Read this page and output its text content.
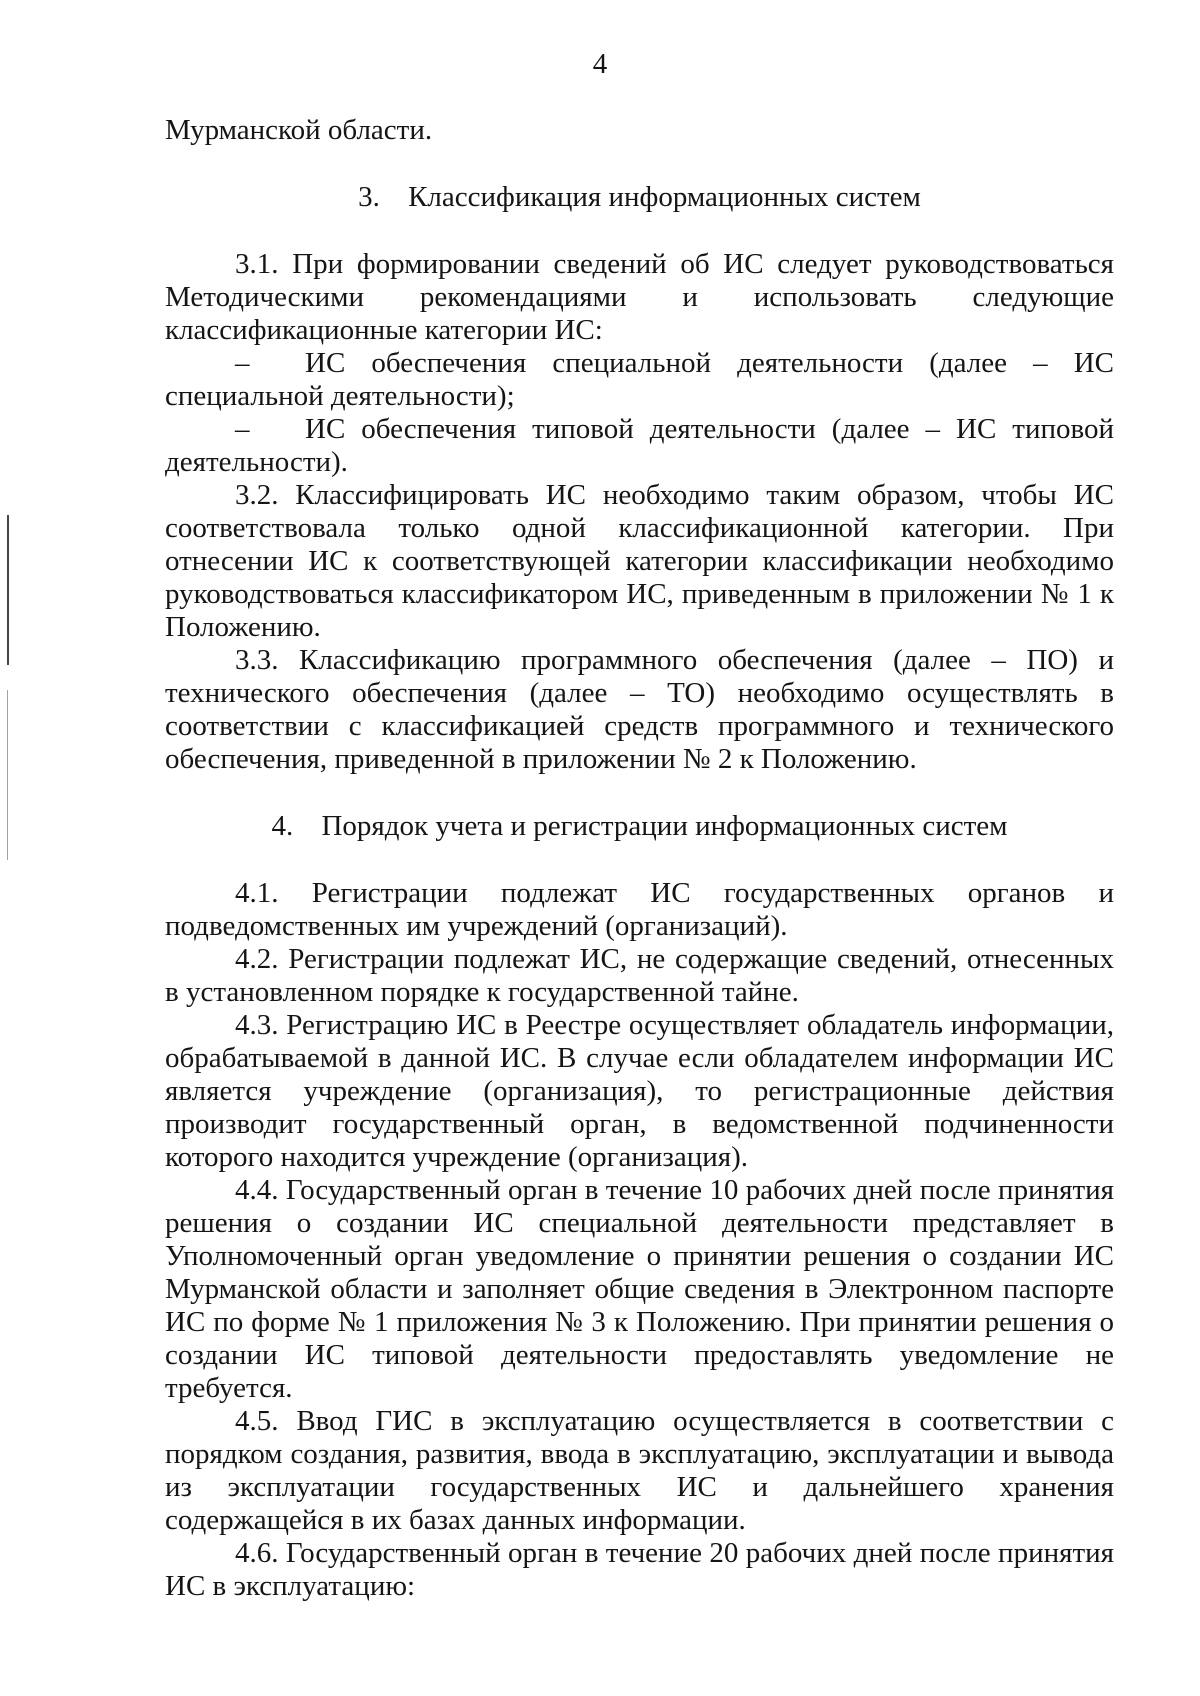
4

Мурманской области.

3. Классификация информационных систем

3.1. При формировании сведений об ИС следует руководствоваться Методическими рекомендациями и использовать следующие классификационные категории ИС:

– ИС обеспечения специальной деятельности (далее – ИС специальной деятельности);

– ИС обеспечения типовой деятельности (далее – ИС типовой деятельности).

3.2. Классифицировать ИС необходимо таким образом, чтобы ИС соответствовала только одной классификационной категории. При отнесении ИС к соответствующей категории классификации необходимо руководствоваться классификатором ИС, приведенным в приложении № 1 к Положению.

3.3. Классификацию программного обеспечения (далее – ПО) и технического обеспечения (далее – ТО) необходимо осуществлять в соответствии с классификацией средств программного и технического обеспечения, приведенной в приложении № 2 к Положению.

4. Порядок учета и регистрации информационных систем

4.1. Регистрации подлежат ИС государственных органов и подведомственных им учреждений (организаций).

4.2. Регистрации подлежат ИС, не содержащие сведений, отнесенных в установленном порядке к государственной тайне.

4.3. Регистрацию ИС в Реестре осуществляет обладатель информации, обрабатываемой в данной ИС. В случае если обладателем информации ИС является учреждение (организация), то регистрационные действия производит государственный орган, в ведомственной подчиненности которого находится учреждение (организация).

4.4. Государственный орган в течение 10 рабочих дней после принятия решения о создании ИС специальной деятельности представляет в Уполномоченный орган уведомление о принятии решения о создании ИС Мурманской области и заполняет общие сведения в Электронном паспорте ИС по форме № 1 приложения № 3 к Положению. При принятии решения о создании ИС типовой деятельности предоставлять уведомление не требуется.

4.5. Ввод ГИС в эксплуатацию осуществляется в соответствии с порядком создания, развития, ввода в эксплуатацию, эксплуатации и вывода из эксплуатации государственных ИС и дальнейшего хранения содержащейся в их базах данных информации.

4.6. Государственный орган в течение 20 рабочих дней после принятия ИС в эксплуатацию:
